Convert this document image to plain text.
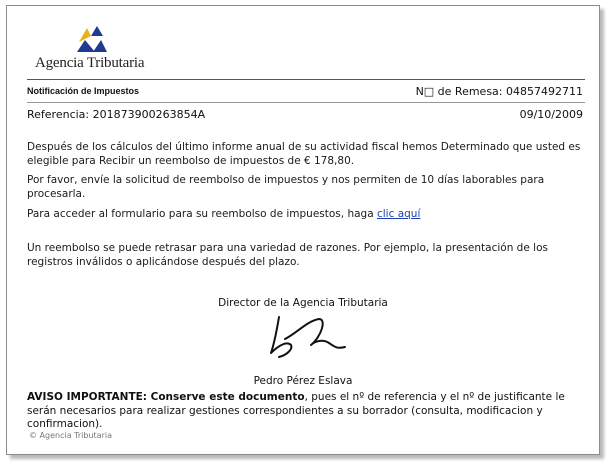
Agencia Tributaria
Notificación de Impuestos	N□ de Remesa: 04857492711
Referencia: 201873900263854A	09/10/2009
Después de los cálculos del último informe anual de su actividad fiscal hemos Determinado que usted es elegible para Recibir un reembolso de impuestos de € 178,80.
Por favor, envíe la solicitud de reembolso de impuestos y nos permiten de 10 días laborables para procesarla.
Para acceder al formulario para su reembolso de impuestos, haga clic aquí
Un reembolso se puede retrasar para una variedad de razones. Por ejemplo, la presentación de los registros inválidos o aplicándose después del plazo.
Director de la Agencia Tributaria
Pedro Pérez Eslava
AVISO IMPORTANTE: Conserve este documento, pues el nº de referencia y el nº de justificante le serán necesarios para realizar gestiones correspondientes a su borrador (consulta, modificacion y confirmacion).
© Agencia Tributaria
